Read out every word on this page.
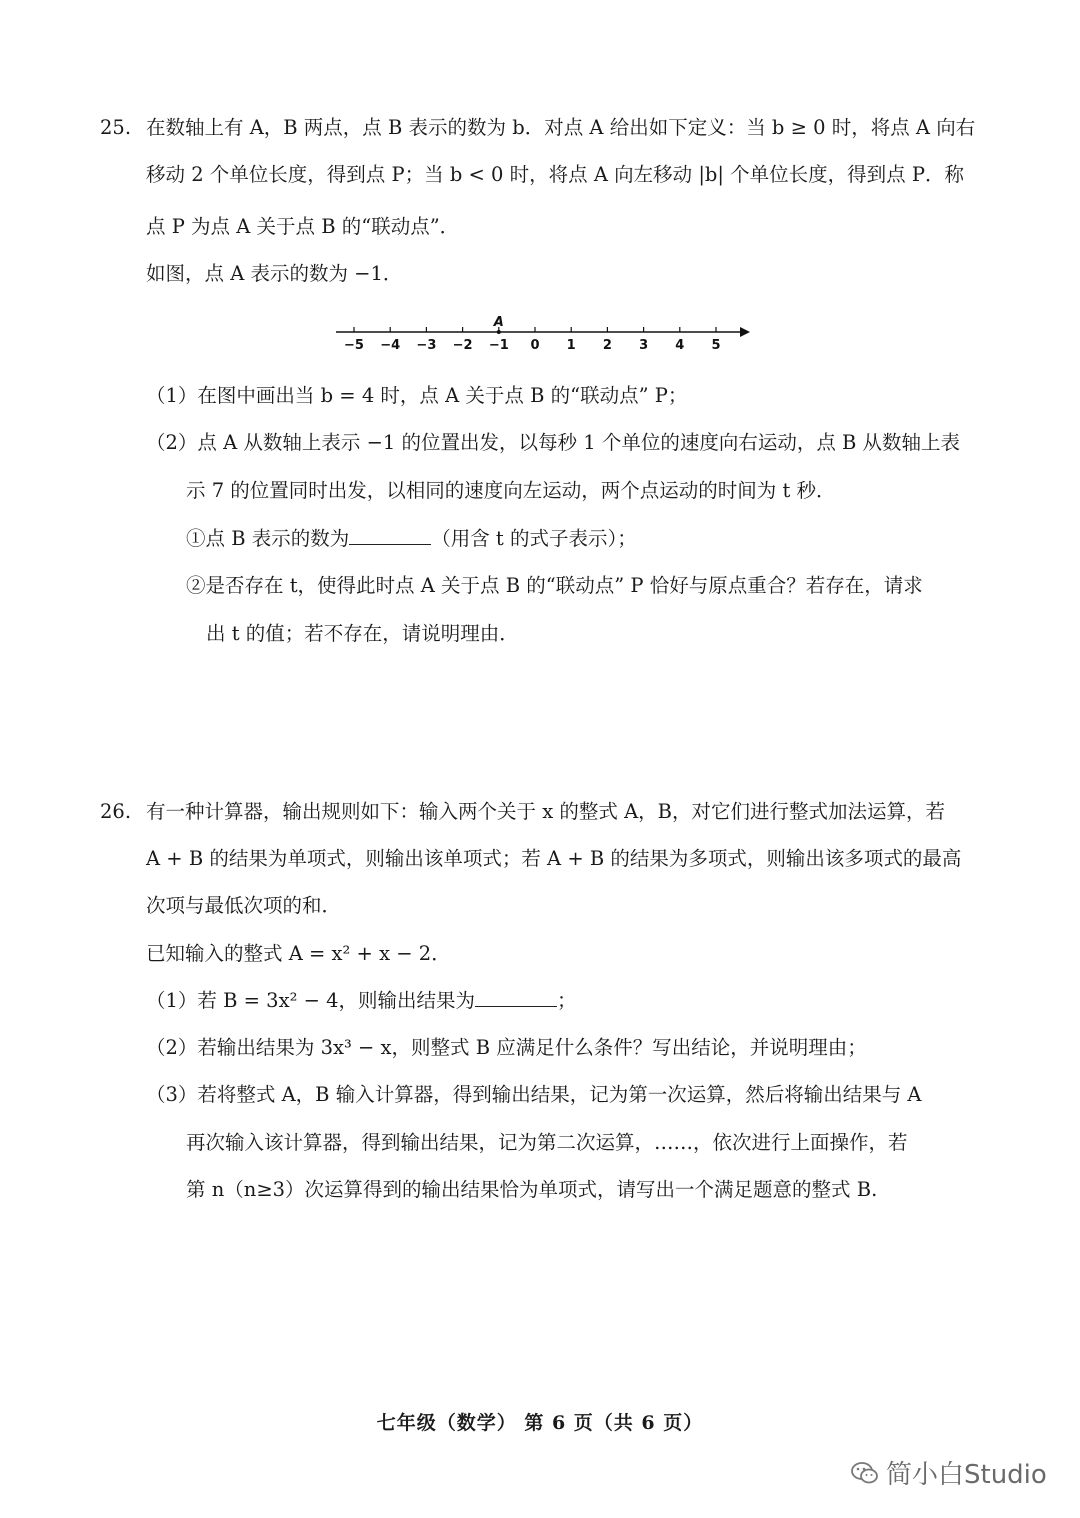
25. 在数轴上有 A，B 两点，点 B 表示的数为 b．对点 A 给出如下定义：当 b ≥ 0 时，将点 A 向右
移动 2 个单位长度，得到点 P；当 b < 0 时，将点 A 向左移动 |b| 个单位长度，得到点 P．称
点 P 为点 A 关于点 B 的“联动点”．
如图，点 A 表示的数为 −1．
−5 −4 −3 −2 −1 0 1 2 3 4 5
A
（1）在图中画出当 b = 4 时，点 A 关于点 B 的“联动点” P；
（2）点 A 从数轴上表示 −1 的位置出发，以每秒 1 个单位的速度向右运动，点 B 从数轴上表
示 7 的位置同时出发，以相同的速度向左运动，两个点运动的时间为 t 秒．
①点 B 表示的数为	（用含 t 的式子表示）；
②是否存在 t，使得此时点 A 关于点 B 的“联动点” P 恰好与原点重合？若存在，请求
出 t 的值；若不存在，请说明理由．
26. 有一种计算器，输出规则如下：输入两个关于 x 的整式 A，B，对它们进行整式加法运算，若
A + B 的结果为单项式，则输出该单项式；若 A + B 的结果为多项式，则输出该多项式的最高
次项与最低次项的和．
已知输入的整式 A = x² + x − 2．
（1）若 B = 3x² − 4，则输出结果为	；
（2）若输出结果为 3x³ − x，则整式 B 应满足什么条件？写出结论，并说明理由；
（3）若将整式 A，B 输入计算器，得到输出结果，记为第一次运算，然后将输出结果与 A
再次输入该计算器，得到输出结果，记为第二次运算，……，依次进行上面操作，若
第 n（n≥3）次运算得到的输出结果恰为单项式，请写出一个满足题意的整式 B.
七年级（数学） 第 6 页（共 6 页）
简小白Studio
